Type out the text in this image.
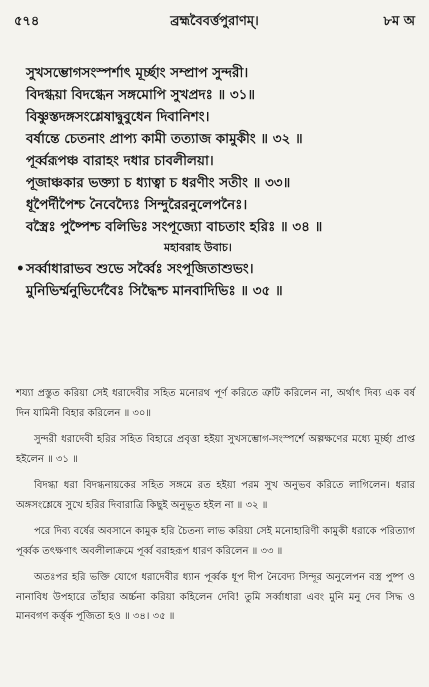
৫৭৪	ব্রহ্মবৈবর্ত্তপুরাণম্।	৮ম অ
সুখসম্ভোগসংস্পর্শাৎ মূর্চ্ছাং সম্প্রাপ সুন্দরী।
বিদগ্ধয়া বিদগ্ধেন সঙ্গমোপি সুখপ্রদঃ ॥ ৩১॥
বিষ্ণুস্তদঙ্গসংশ্লেষাদ্বুবুধেন দিবানিশং।
বর্ষান্তে চেতনাং প্রাপ্য কামী তত্যাজ কামুকীং ॥ ৩২ ॥
পূর্ব্বরূপঞ্চ বারাহং দধার চাবলীলয়া।
পূজাঞ্চকার ভক্ত্যা চ ধ্যাত্বা চ ধরণীং সতীং ॥ ৩৩॥
ধূপৈর্দীপৈশ্চ নৈবেদ্যৈঃ সিন্দুরৈরনুলেপনৈঃ।
বস্ত্রৈঃ পুষ্পৈশ্চ বলিভিঃ সংপূজ্যো বাচতাং হরিঃ ॥ ৩৪ ॥
মহাবরাহ উবাচ।
•সর্ব্বাধারাভব শুভে সর্ব্বৈঃ সংপূজিতাশুভং।
মুনিভির্ম্মনুভির্দেবৈঃ সিদ্ধৈশ্চ মানবাদিভিঃ ॥ ৩৫ ॥

শয্যা প্রস্তুত করিয়া সেই ধরাদেবীর সহিত মনোরথ পূর্ণ করিতে ত্রুটি করিলেন না, অর্থাৎ দিব্য এক বর্ষ দিন যামিনী বিহার করিলেন ॥ ৩০॥

সুন্দরী ধরাদেবী হরির সহিত বিহারে প্রবৃত্তা হইয়া সুখসম্ভোগ-সংস্পর্শে অল্পক্ষণের মধ্যে মূর্চ্ছা প্রাপ্ত হইলেন ॥ ৩১ ॥

বিদগ্ধা ধরা বিদগ্ধনায়কের সহিত সঙ্গমে রত হইয়া পরম সুখ অনুভব করিতে লাগিলেন। ধরার অঙ্গসংশ্লেষে সুখে হরির দিবারাত্রি কিছুই অনুভূত হইল না ॥ ৩২ ॥

পরে দিব্য বর্ষের অবসানে কামুক হরি চৈতন্য লাভ করিয়া সেই মনোহারিণী কামুকী ধরাকে পরিত্যাগ পূর্ব্বক তৎক্ষণাৎ অবলীলাক্রমে পূর্ব্ব বরাহরূপ ধারণ করিলেন ॥ ৩৩ ॥

অতঃপর হরি ভক্তি যোগে ধরাদেবীর ধ্যান পূর্ব্বক ধূপ দীপ নৈবেদ্য সিন্দূর অনুলেপন বস্ত্র পুষ্প ও নানাবিধ উপহারে তাঁহার অর্চ্চনা করিয়া কহিলেন দেবি! তুমি সর্ব্বাধারা এবং মুনি মনু দেব সিদ্ধ ও মানবগণ কর্ত্তৃক পূজিতা হও ॥ ৩৪। ৩৫ ॥
